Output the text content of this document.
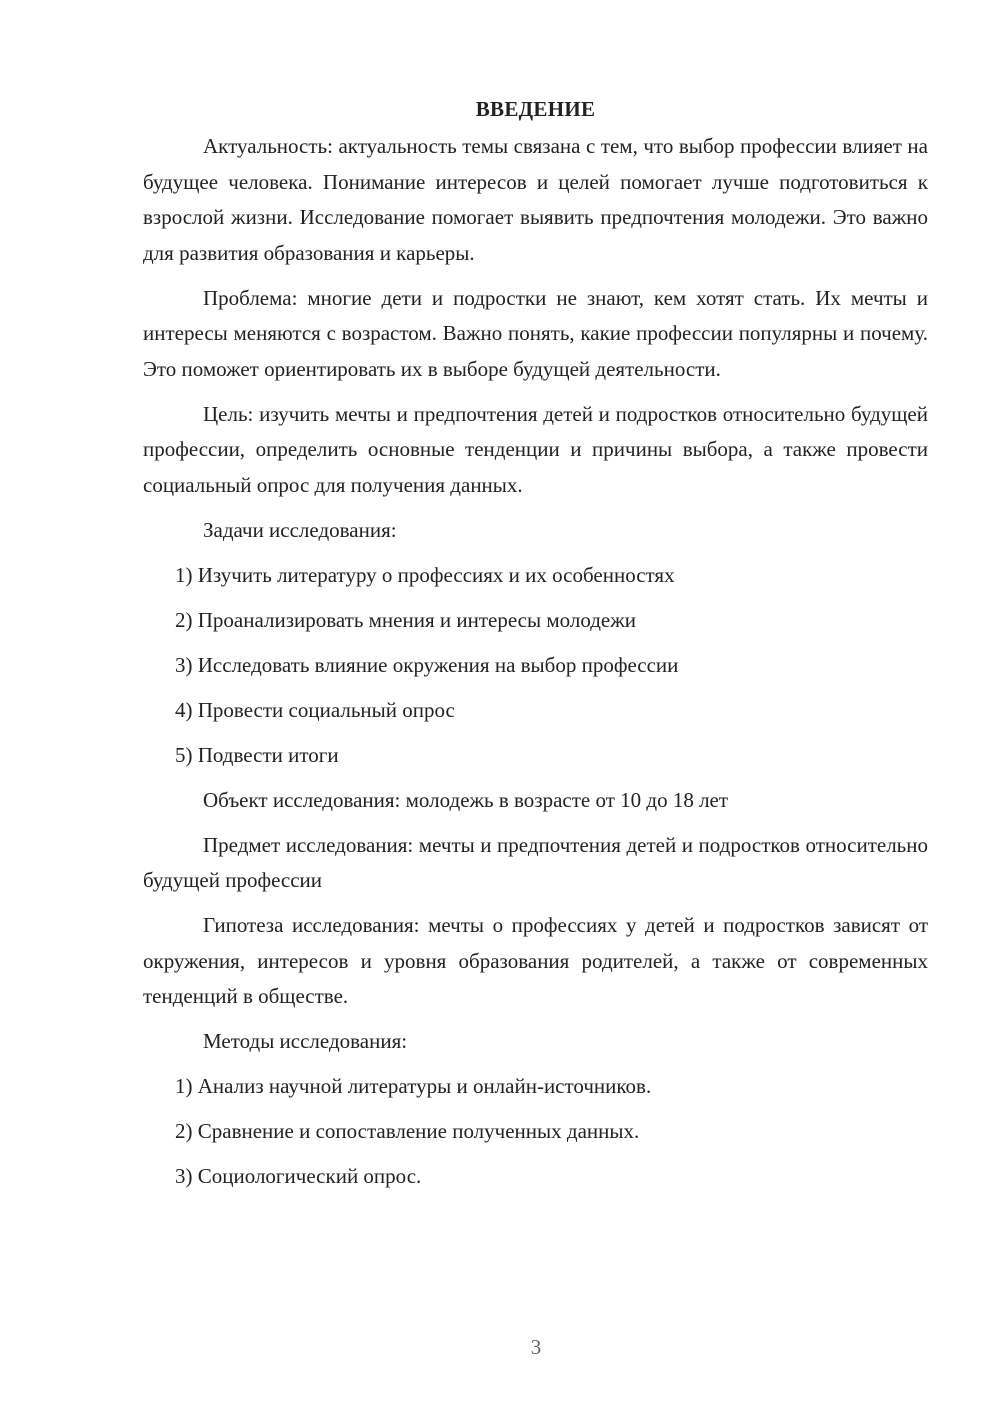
ВВЕДЕНИЕ

Актуальность: актуальность темы связана с тем, что выбор профессии влияет на будущее человека. Понимание интересов и целей помогает лучше подготовиться к взрослой жизни. Исследование помогает выявить предпочтения молодежи. Это важно для развития образования и карьеры.

Проблема: многие дети и подростки не знают, кем хотят стать. Их мечты и интересы меняются с возрастом. Важно понять, какие профессии популярны и почему. Это поможет ориентировать их в выборе будущей деятельности.

Цель: изучить мечты и предпочтения детей и подростков относительно будущей профессии, определить основные тенденции и причины выбора, а также провести социальный опрос для получения данных.

Задачи исследования:
1) Изучить литературу о профессиях и их особенностях
2) Проанализировать мнения и интересы молодежи
3) Исследовать влияние окружения на выбор профессии
4) Провести социальный опрос
5) Подвести итоги
Объект исследования: молодежь в возрасте от 10 до 18 лет

Предмет исследования: мечты и предпочтения детей и подростков относительно будущей профессии

Гипотеза исследования: мечты о профессиях у детей и подростков зависят от окружения, интересов и уровня образования родителей, а также от современных тенденций в обществе.

Методы исследования:
1) Анализ научной литературы и онлайн-источников.
2) Сравнение и сопоставление полученных данных.
3) Социологический опрос.
3
